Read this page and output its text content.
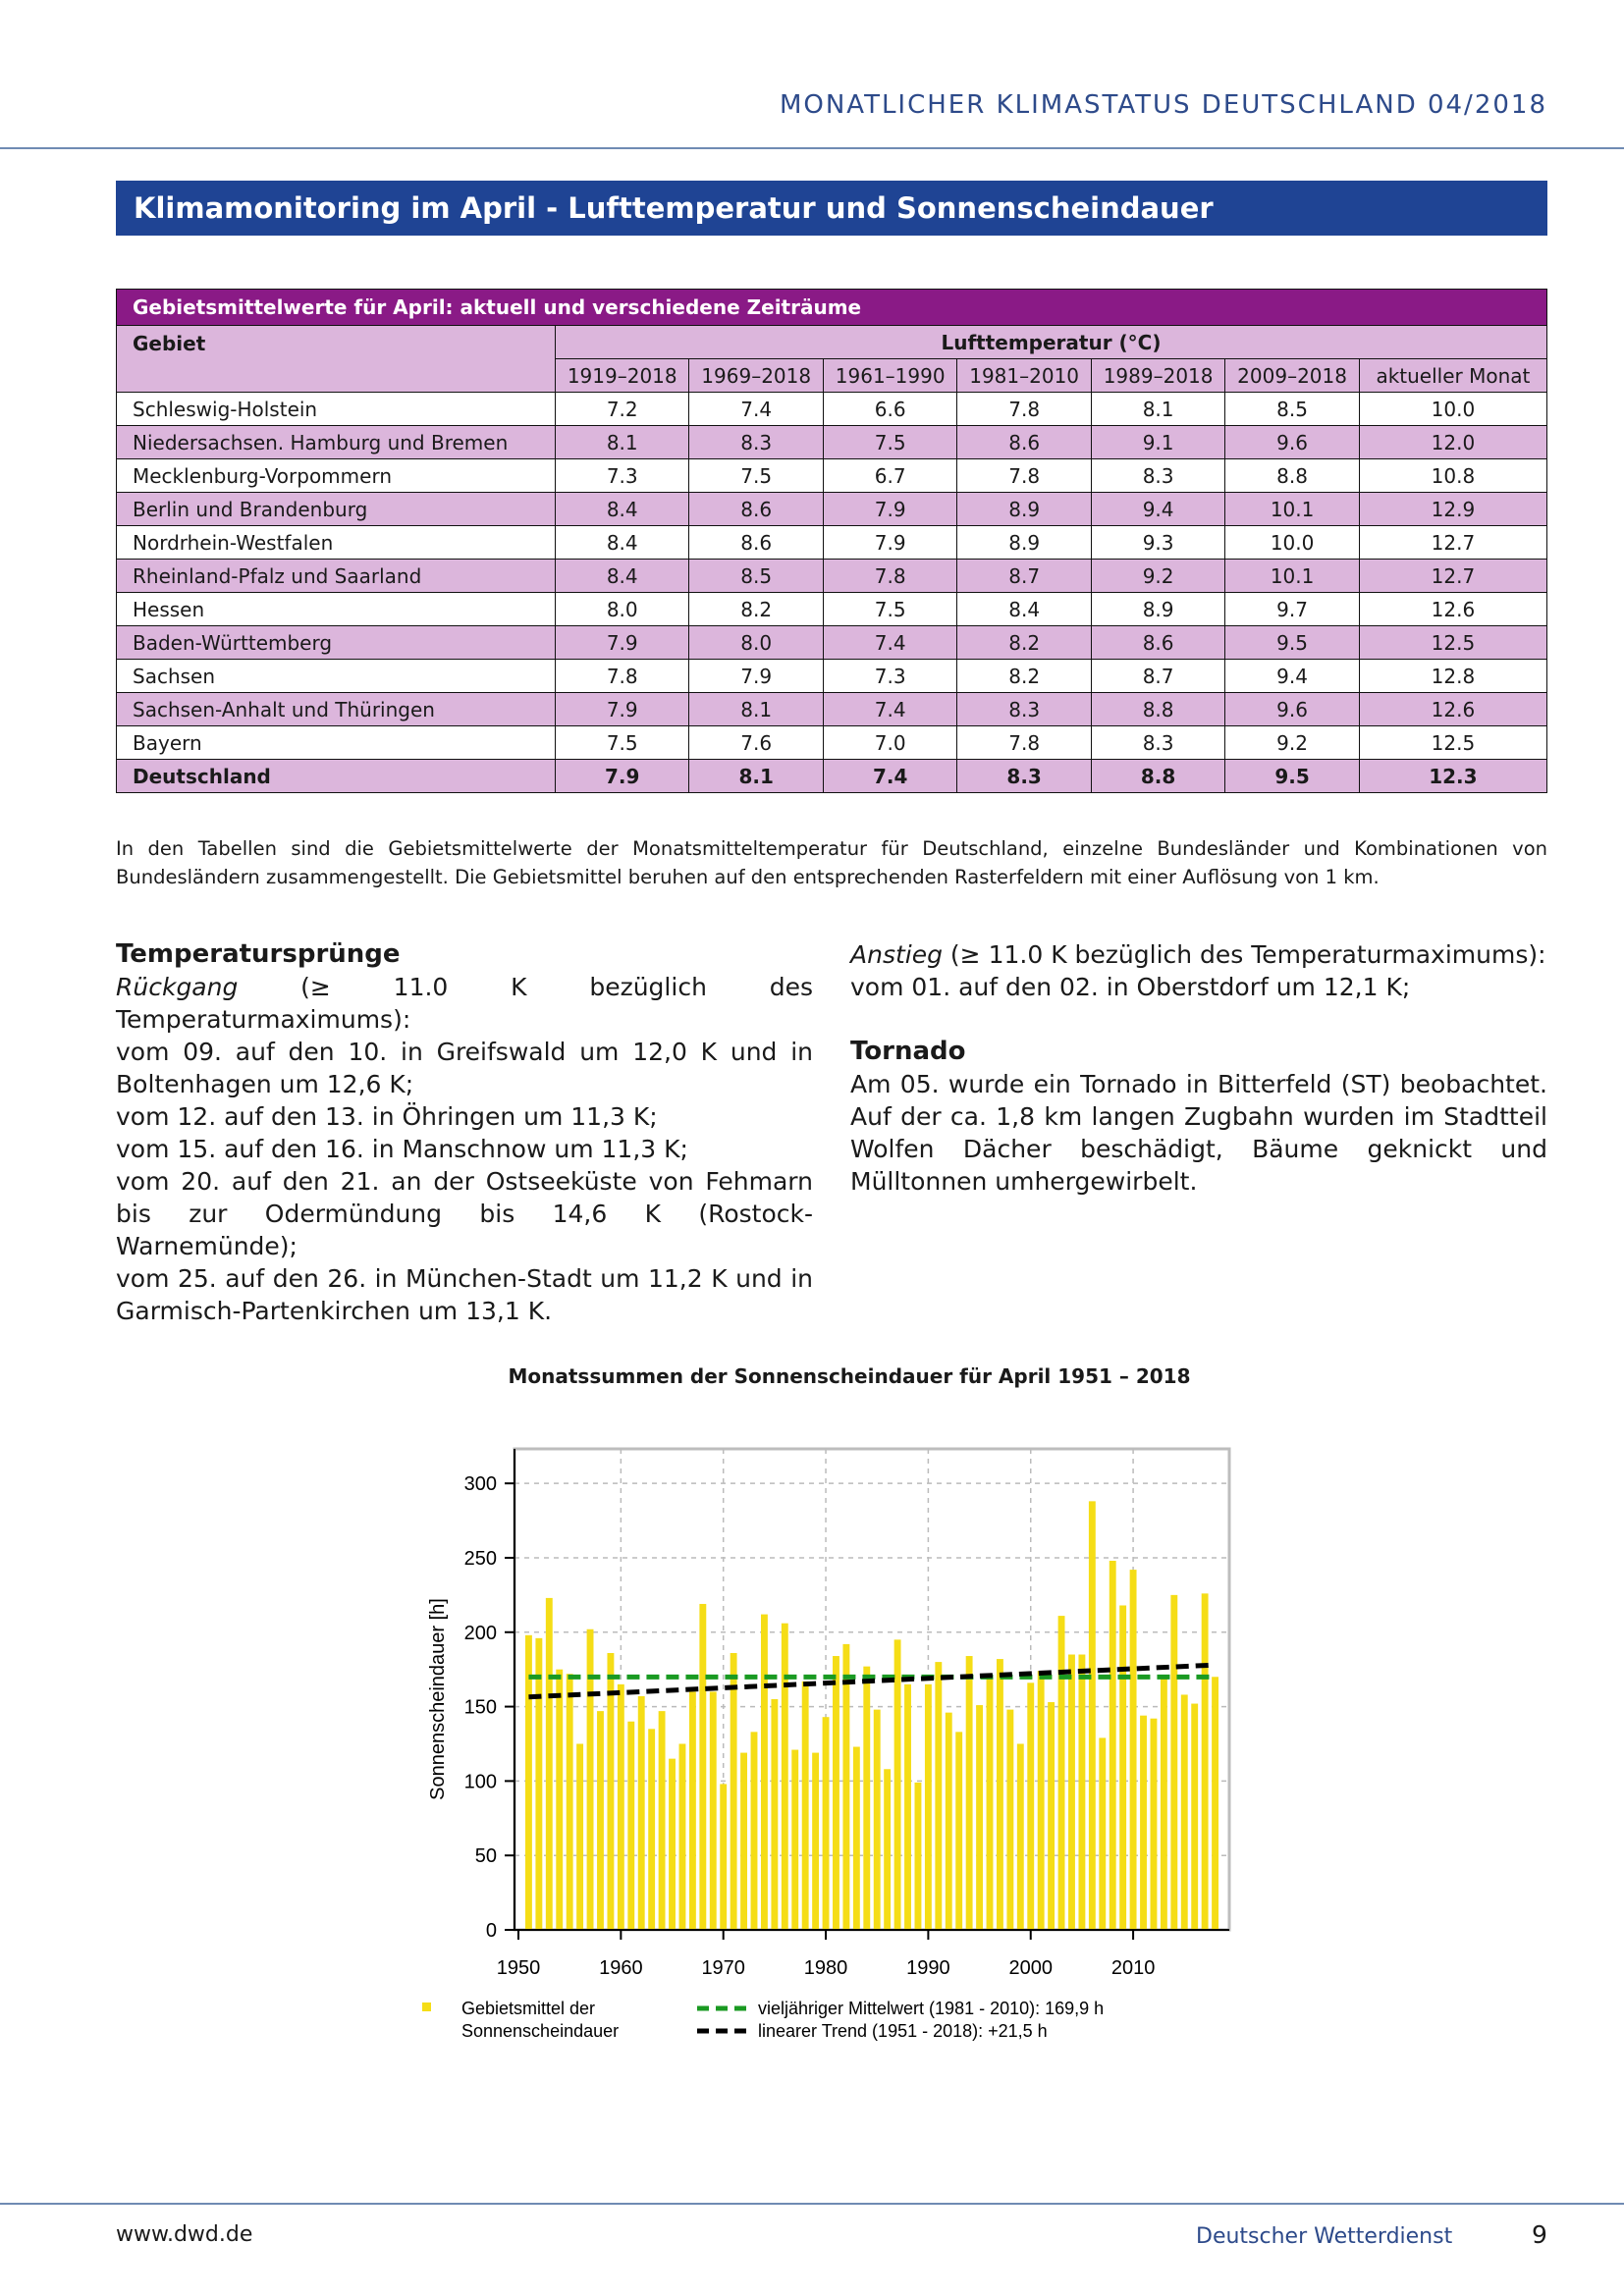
MONATLICHER KLIMASTATUS DEUTSCHLAND 04/2018
Klimamonitoring im April - Lufttemperatur und Sonnenscheindauer
Gebietsmittelwerte für April: aktuell und verschiedene Zeiträume							
Gebiet	Lufttemperatur (°C)						
	1919–2018	1969–2018	1961–1990	1981–2010	1989–2018	2009–2018	aktueller Monat
Schleswig-Holstein	7.2	7.4	6.6	7.8	8.1	8.5	10.0
Niedersachsen. Hamburg und Bremen	8.1	8.3	7.5	8.6	9.1	9.6	12.0
Mecklenburg-Vorpommern	7.3	7.5	6.7	7.8	8.3	8.8	10.8
Berlin und Brandenburg	8.4	8.6	7.9	8.9	9.4	10.1	12.9
Nordrhein-Westfalen	8.4	8.6	7.9	8.9	9.3	10.0	12.7
Rheinland-Pfalz und Saarland	8.4	8.5	7.8	8.7	9.2	10.1	12.7
Hessen	8.0	8.2	7.5	8.4	8.9	9.7	12.6
Baden-Württemberg	7.9	8.0	7.4	8.2	8.6	9.5	12.5
Sachsen	7.8	7.9	7.3	8.2	8.7	9.4	12.8
Sachsen-Anhalt und Thüringen	7.9	8.1	7.4	8.3	8.8	9.6	12.6
Bayern	7.5	7.6	7.0	7.8	8.3	9.2	12.5
Deutschland	7.9	8.1	7.4	8.3	8.8	9.5	12.3
In den Tabellen sind die Gebietsmittelwerte der Monatsmitteltemperatur für Deutschland, einzelne Bundesländer und Kombinationen von Bundesländern zusammengestellt. Die Gebietsmittel beruhen auf den entsprechenden Rasterfeldern mit einer Auflösung von 1 km.

Temperatursprünge

Rückgang (≥ 11.0 K bezüglich des Temperaturmaximums):

vom 09. auf den 10. in Greifswald um 12,0 K und in Boltenhagen um 12,6 K;

vom 12. auf den 13. in Öhringen um 11,3 K;

vom 15. auf den 16. in Manschnow um 11,3 K;

vom 20. auf den 21. an der Ostseeküste von Fehmarn bis zur Odermündung bis 14,6 K (Rostock-Warnemünde);

vom 25. auf den 26. in München-Stadt um 11,2 K und in Garmisch-Partenkirchen um 13,1 K.

Anstieg (≥ 11.0 K bezüglich des Temperaturmaximums):

vom 01. auf den 02. in Oberstdorf um 12,1 K;

Tornado

Am 05. wurde ein Tornado in Bitterfeld (ST) beobachtet. Auf der ca. 1,8 km langen Zugbahn wurden im Stadtteil Wolfen Dächer beschädigt, Bäume geknickt und Mülltonnen umhergewirbelt.

Monatssummen der Sonnenscheindauer für April 1951 – 2018
0
50
100
150
200
250
300
1950	1960	1970	1980	1990	2000	2010
Sonnenscheindauer [h]
Gebietsmittel der
Sonnenscheindauer
vieljähriger Mittelwert (1981 - 2010): 169,9 h
linearer Trend (1951 - 2018): +21,5 h
www.dwd.de	Deutscher Wetterdienst	9
